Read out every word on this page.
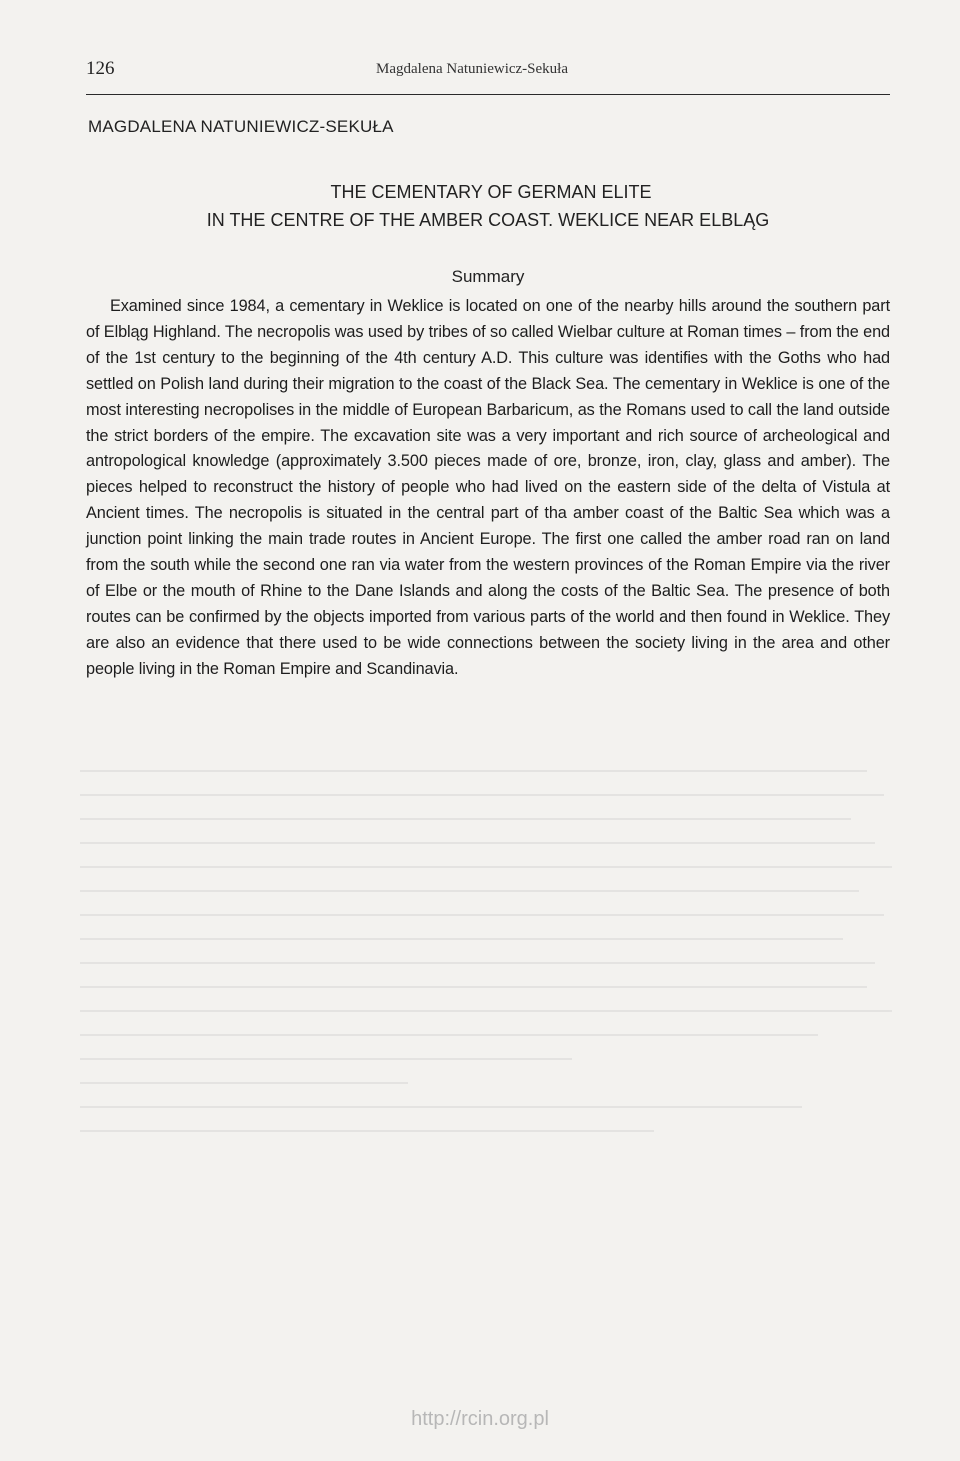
126	Magdalena Natuniewicz-Sekuła
MAGDALENA NATUNIEWICZ-SEKUŁA
THE CEMENTARY OF GERMAN ELITE
IN THE CENTRE OF THE AMBER COAST. WEKLICE NEAR ELBLĄG
Summary

Examined since 1984, a cementary in Weklice is located on one of the nearby hills around the southern part of Elbląg Highland. The necropolis was used by tribes of so called Wielbar culture at Roman times – from the end of the 1st century to the beginning of the 4th century A.D. This culture was identifies with the Goths who had settled on Polish land during their migration to the coast of the Black Sea. The cementary in Weklice is one of the most interesting necropolises in the middle of European Barbaricum, as the Romans used to call the land outside the strict borders of the empire. The excavation site was a very important and rich source of archeological and antropological knowledge (approximately 3.500 pieces made of ore, bronze, iron, clay, glass and amber). The pieces helped to reconstruct the history of people who had lived on the eastern side of the delta of Vistula at Ancient times. The necropolis is situated in the central part of tha amber coast of the Baltic Sea which was a junction point linking the main trade routes in Ancient Europe. The first one called the amber road ran on land from the south while the second one ran via water from the western provinces of the Roman Empire via the river of Elbe or the mouth of Rhine to the Dane Islands and along the costs of the Baltic Sea. The presence of both routes can be confirmed by the objects imported from various parts of the world and then found in Weklice. They are also an evidence that there used to be wide connections between the society living in the area and other people living in the Roman Empire and Scandinavia.

http://rcin.org.pl
